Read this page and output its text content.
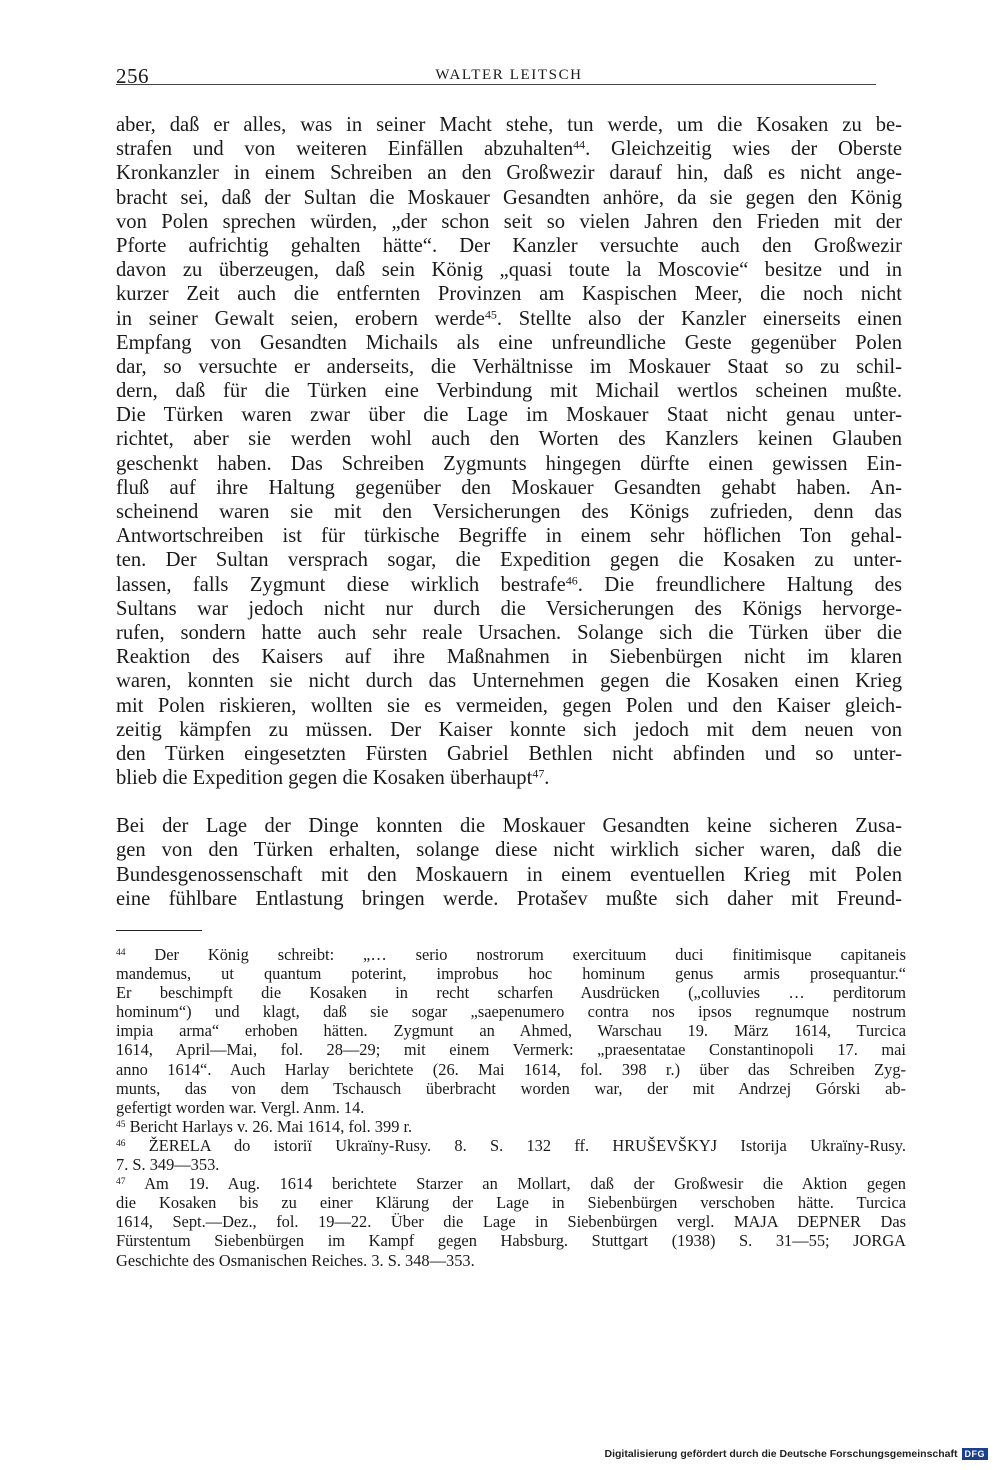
256	WALTER LEITSCH
aber, daß er alles, was in seiner Macht stehe, tun werde, um die Kosaken zu be-
strafen und von weiteren Einfällen abzuhalten$^{44}$. Gleichzeitig wies der Oberste
Kronkanzler in einem Schreiben an den Großwezir darauf hin, daß es nicht ange-
bracht sei, daß der Sultan die Moskauer Gesandten anhöre, da sie gegen den König
von Polen sprechen würden, „der schon seit so vielen Jahren den Frieden mit der
Pforte aufrichtig gehalten hätte“. Der Kanzler versuchte auch den Großwezir
davon zu überzeugen, daß sein König „quasi toute la Moscovie“ besitze und in
kurzer Zeit auch die entfernten Provinzen am Kaspischen Meer, die noch nicht
in seiner Gewalt seien, erobern werde$^{45}$. Stellte also der Kanzler einerseits einen
Empfang von Gesandten Michails als eine unfreundliche Geste gegenüber Polen
dar, so versuchte er anderseits, die Verhältnisse im Moskauer Staat so zu schil-
dern, daß für die Türken eine Verbindung mit Michail wertlos scheinen mußte.
Die Türken waren zwar über die Lage im Moskauer Staat nicht genau unter-
richtet, aber sie werden wohl auch den Worten des Kanzlers keinen Glauben
geschenkt haben. Das Schreiben Zygmunts hingegen dürfte einen gewissen Ein-
fluß auf ihre Haltung gegenüber den Moskauer Gesandten gehabt haben. An-
scheinend waren sie mit den Versicherungen des Königs zufrieden, denn das
Antwortschreiben ist für türkische Begriffe in einem sehr höflichen Ton gehal-
ten. Der Sultan versprach sogar, die Expedition gegen die Kosaken zu unter-
lassen, falls Zygmunt diese wirklich bestrafe$^{46}$. Die freundlichere Haltung des
Sultans war jedoch nicht nur durch die Versicherungen des Königs hervorge-
rufen, sondern hatte auch sehr reale Ursachen. Solange sich die Türken über die
Reaktion des Kaisers auf ihre Maßnahmen in Siebenbürgen nicht im klaren
waren, konnten sie nicht durch das Unternehmen gegen die Kosaken einen Krieg
mit Polen riskieren, wollten sie es vermeiden, gegen Polen und den Kaiser gleich-
zeitig kämpfen zu müssen. Der Kaiser konnte sich jedoch mit dem neuen von
den Türken eingesetzten Fürsten Gabriel Bethlen nicht abfinden und so unter-
blieb die Expedition gegen die Kosaken überhaupt$^{47}$.
Bei der Lage der Dinge konnten die Moskauer Gesandten keine sicheren Zusa-
gen von den Türken erhalten, solange diese nicht wirklich sicher waren, daß die
Bundesgenossenschaft mit den Moskauern in einem eventuellen Krieg mit Polen
eine fühlbare Entlastung bringen werde. Protašev mußte sich daher mit Freund-
$^{44}$ Der König schreibt: „… serio nostrorum exercituum duci finitimisque capitaneis
mandemus, ut quantum poterint, improbus hoc hominum genus armis prosequantur.“
Er beschimpft die Kosaken in recht scharfen Ausdrücken („colluvies … perditorum
hominum“) und klagt, daß sie sogar „saepenumero contra nos ipsos regnumque nostrum
impia arma“ erhoben hätten. Zygmunt an Ahmed, Warschau 19. März 1614, Turcica
1614, April—Mai, fol. 28—29; mit einem Vermerk: „praesentatae Constantinopoli 17. mai
anno 1614“. Auch Harlay berichtete (26. Mai 1614, fol. 398 r.) über das Schreiben Zyg-
munts, das von dem Tschausch überbracht worden war, der mit Andrzej Górski ab-
gefertigt worden war. Vergl. Anm. 14.
$^{45}$ Bericht Harlays v. 26. Mai 1614, fol. 399 r.
$^{46}$ ŽERELA do istoriï Ukraïny-Rusy. 8. S. 132 ff. HRUŠEVŠKYJ Istorija Ukraïny-Rusy.
7. S. 349—353.
$^{47}$ Am 19. Aug. 1614 berichtete Starzer an Mollart, daß der Großwesir die Aktion gegen
die Kosaken bis zu einer Klärung der Lage in Siebenbürgen verschoben hätte. Turcica
1614, Sept.—Dez., fol. 19—22. Über die Lage in Siebenbürgen vergl. MAJA DEPNER Das
Fürstentum Siebenbürgen im Kampf gegen Habsburg. Stuttgart (1938) S. 31—55; JORGA
Geschichte des Osmanischen Reiches. 3. S. 348—353.
Digitalisierung gefördert durch die Deutsche Forschungsgemeinschaft DFG
